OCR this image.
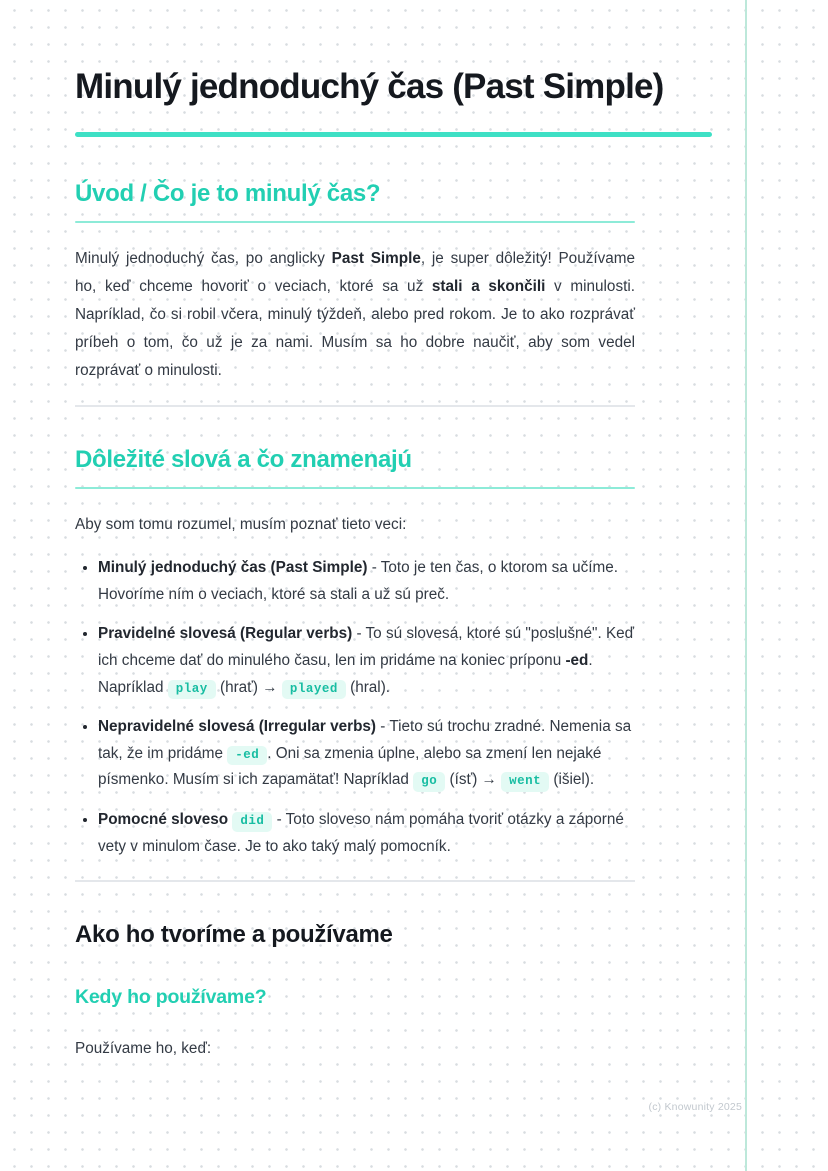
Minulý jednoduchý čas (Past Simple)
Úvod / Čo je to minulý čas?

Minulý jednoduchý čas, po anglicky Past Simple, je super dôležitý! Používame ho, keď chceme hovoriť o veciach, ktoré sa už stali a skončili v minulosti. Napríklad, čo si robil včera, minulý týždeň, alebo pred rokom. Je to ako rozprávať príbeh o tom, čo už je za nami. Musím sa ho dobre naučiť, aby som vedel rozprávať o minulosti.

Dôležité slová a čo znamenajú

Aby som tomu rozumel, musím poznať tieto veci:

• Minulý jednoduchý čas (Past Simple) - Toto je ten čas, o ktorom sa učíme. Hovoríme ním o veciach, ktoré sa stali a už sú preč.
• Pravidelné slovesá (Regular verbs) - To sú slovesá, ktoré sú "poslušné". Keď ich chceme dať do minulého času, len im pridáme na koniec príponu -ed. Napríklad play (hrať) → played (hral).
• Nepravidelné slovesá (Irregular verbs) - Tieto sú trochu zradné. Nemenia sa tak, že im pridáme -ed . Oni sa zmenia úplne, alebo sa zmení len nejaké písmenko. Musím si ich zapamätať! Napríklad go (ísť) → went (išiel).
• Pomocné sloveso did - Toto sloveso nám pomáha tvoriť otázky a záporné vety v minulom čase. Je to ako taký malý pomocník.
Ako ho tvoríme a používame
Kedy ho používame?

Používame ho, keď:

(c) Knowunity 2025
